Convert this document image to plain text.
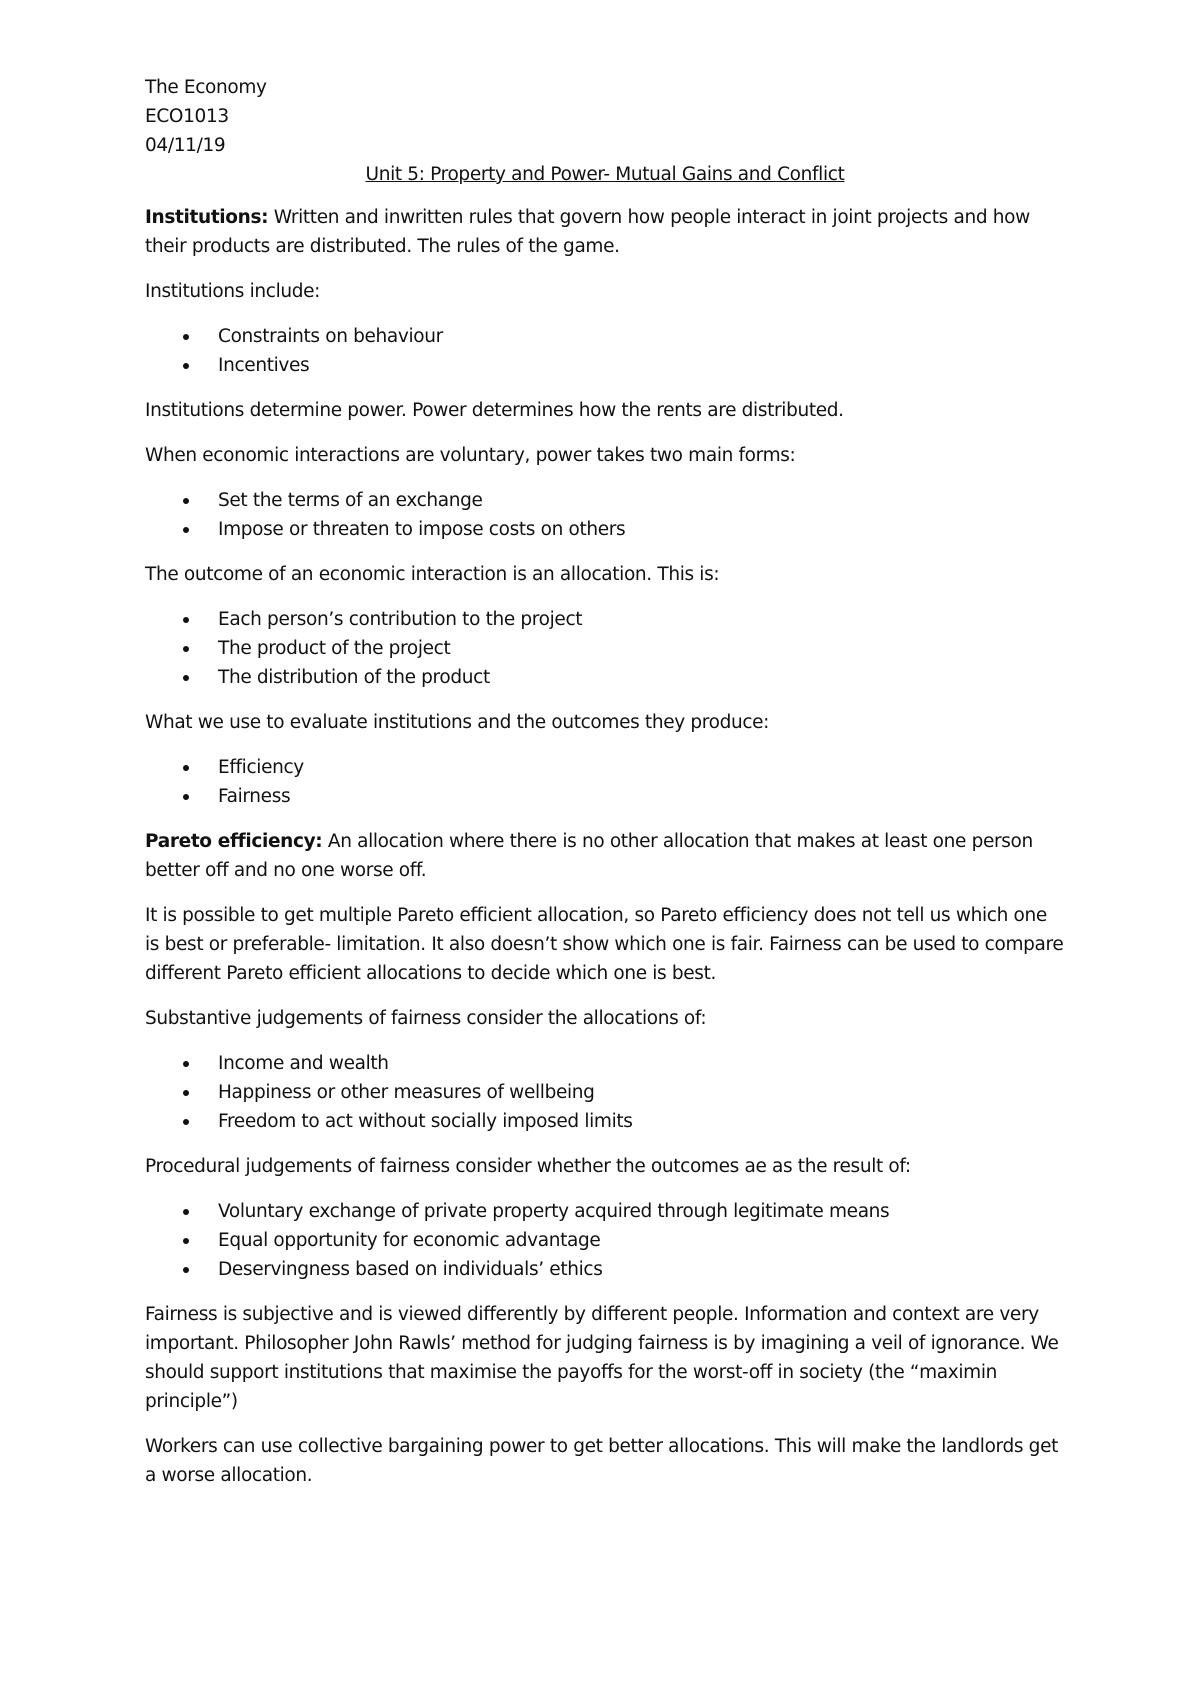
The Economy
ECO1013
04/11/19
Unit 5: Property and Power- Mutual Gains and Conflict

Institutions: Written and inwritten rules that govern how people interact in joint projects and how their products are distributed. The rules of the game.

Institutions include:

Constraints on behaviour
Incentives

Institutions determine power. Power determines how the rents are distributed.

When economic interactions are voluntary, power takes two main forms:

Set the terms of an exchange
Impose or threaten to impose costs on others

The outcome of an economic interaction is an allocation. This is:

Each person’s contribution to the project
The product of the project
The distribution of the product

What we use to evaluate institutions and the outcomes they produce:

Efficiency
Fairness

Pareto efficiency: An allocation where there is no other allocation that makes at least one person better off and no one worse off.

It is possible to get multiple Pareto efficient allocation, so Pareto efficiency does not tell us which one is best or preferable- limitation. It also doesn’t show which one is fair. Fairness can be used to compare different Pareto efficient allocations to decide which one is best.

Substantive judgements of fairness consider the allocations of:

Income and wealth
Happiness or other measures of wellbeing
Freedom to act without socially imposed limits

Procedural judgements of fairness consider whether the outcomes ae as the result of:

Voluntary exchange of private property acquired through legitimate means
Equal opportunity for economic advantage
Deservingness based on individuals’ ethics

Fairness is subjective and is viewed differently by different people. Information and context are very important. Philosopher John Rawls’ method for judging fairness is by imagining a veil of ignorance. We should support institutions that maximise the payoffs for the worst-off in society (the “maximin principle”)

Workers can use collective bargaining power to get better allocations. This will make the landlords get a worse allocation.
